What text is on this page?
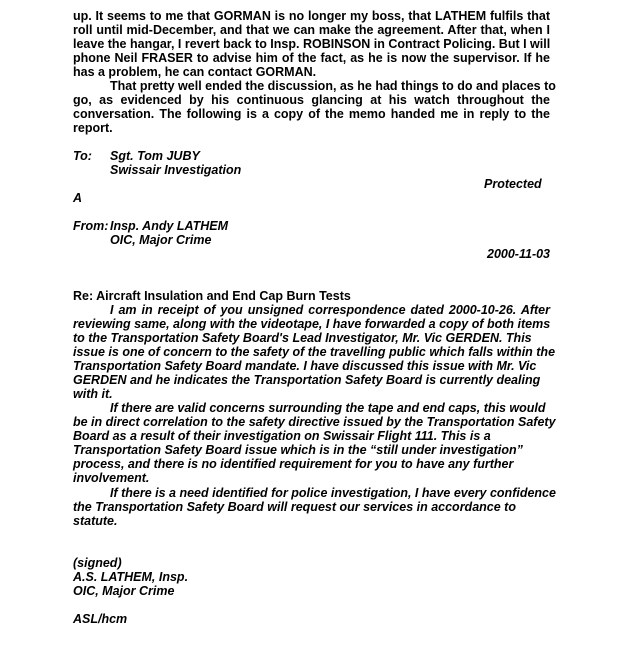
up. It seems to me that GORMAN is no longer my boss, that LATHEM fulfils that
roll until mid-December, and that we can make the agreement. After that, when I
leave the hangar, I revert back to Insp. ROBINSON in Contract Policing. But I will
phone Neil FRASER to advise him of the fact, as he is now the supervisor. If he
has a problem, he can contact GORMAN.
That pretty well ended the discussion, as he had things to do and places to
go, as evidenced by his continuous glancing at his watch throughout the
conversation. The following is a copy of the memo handed me in reply to the
report.
To: Sgt. Tom JUBY
Swissair Investigation
Protected
A
From: Insp. Andy LATHEM
OIC, Major Crime
2000-11-03
Re: Aircraft Insulation and End Cap Burn Tests
I am in receipt of you unsigned correspondence dated 2000-10-26. After
reviewing same, along with the videotape, I have forwarded a copy of both items
to the Transportation Safety Board's Lead Investigator, Mr. Vic GERDEN. This
issue is one of concern to the safety of the travelling public which falls within the
Transportation Safety Board mandate. I have discussed this issue with Mr. Vic
GERDEN and he indicates the Transportation Safety Board is currently dealing
with it.
If there are valid concerns surrounding the tape and end caps, this would
be in direct correlation to the safety directive issued by the Transportation Safety
Board as a result of their investigation on Swissair Flight 111. This is a
Transportation Safety Board issue which is in the “still under investigation”
process, and there is no identified requirement for you to have any further
involvement.
If there is a need identified for police investigation, I have every confidence
the Transportation Safety Board will request our services in accordance to
statute.
(signed)
A.S. LATHEM, Insp.
OIC, Major Crime
ASL/hcm
